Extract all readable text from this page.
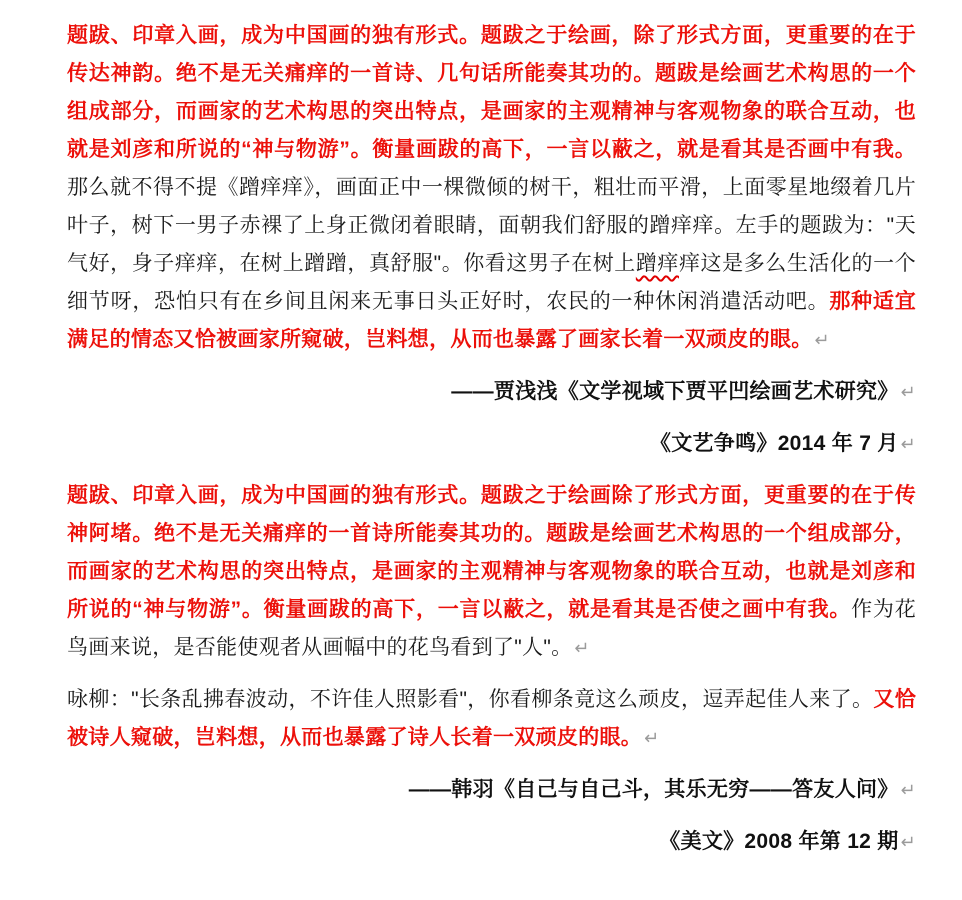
题跋、印章入画，成为中国画的独有形式。题跋之于绘画，除了形式方面，更重要的在于传达神韵。绝不是无关痛痒的一首诗、几句话所能奏其功的。题跋是绘画艺术构思的一个组成部分，而画家的艺术构思的突出特点，是画家的主观精神与客观物象的联合互动，也就是刘彦和所说的“神与物游”。衡量画跋的高下，一言以蔽之，就是看其是否画中有我。那么就不得不提《蹭痒痒》，画面正中一棵微倾的树干，粗壮而平滑，上面零星地缀着几片叶子，树下一男子赤裸了上身正微闭着眼睛，面朝我们舒服的蹭痒痒。左手的题跋为："天气好，身子痒痒，在树上蹭蹭，真舒服"。你看这男子在树上蹭痒痒这是多么生活化的一个细节呀，恐怕只有在乡间且闲来无事日头正好时，农民的一种休闲消遣活动吧。那种适宜满足的情态又恰被画家所窥破，岂料想，从而也暴露了画家长着一双顽皮的眼。 ↵

——贾浅浅《文学视域下贾平凹绘画艺术研究》 ↵

《文艺争鸣》2014 年 7 月 ↵

题跋、印章入画，成为中国画的独有形式。题跋之于绘画除了形式方面，更重要的在于传神阿堵。绝不是无关痛痒的一首诗所能奏其功的。题跋是绘画艺术构思的一个组成部分，而画家的艺术构思的突出特点，是画家的主观精神与客观物象的联合互动，也就是刘彦和所说的“神与物游”。衡量画跋的高下，一言以蔽之，就是看其是否使之画中有我。作为花鸟画来说，是否能使观者从画幅中的花鸟看到了"人"。 ↵

咏柳："长条乱拂春波动，不许佳人照影看"，你看柳条竟这么顽皮，逗弄起佳人来了。又恰被诗人窥破，岂料想，从而也暴露了诗人长着一双顽皮的眼。 ↵

——韩羽《自己与自己斗，其乐无穷——答友人问》 ↵

《美文》2008 年第 12 期 ↵
